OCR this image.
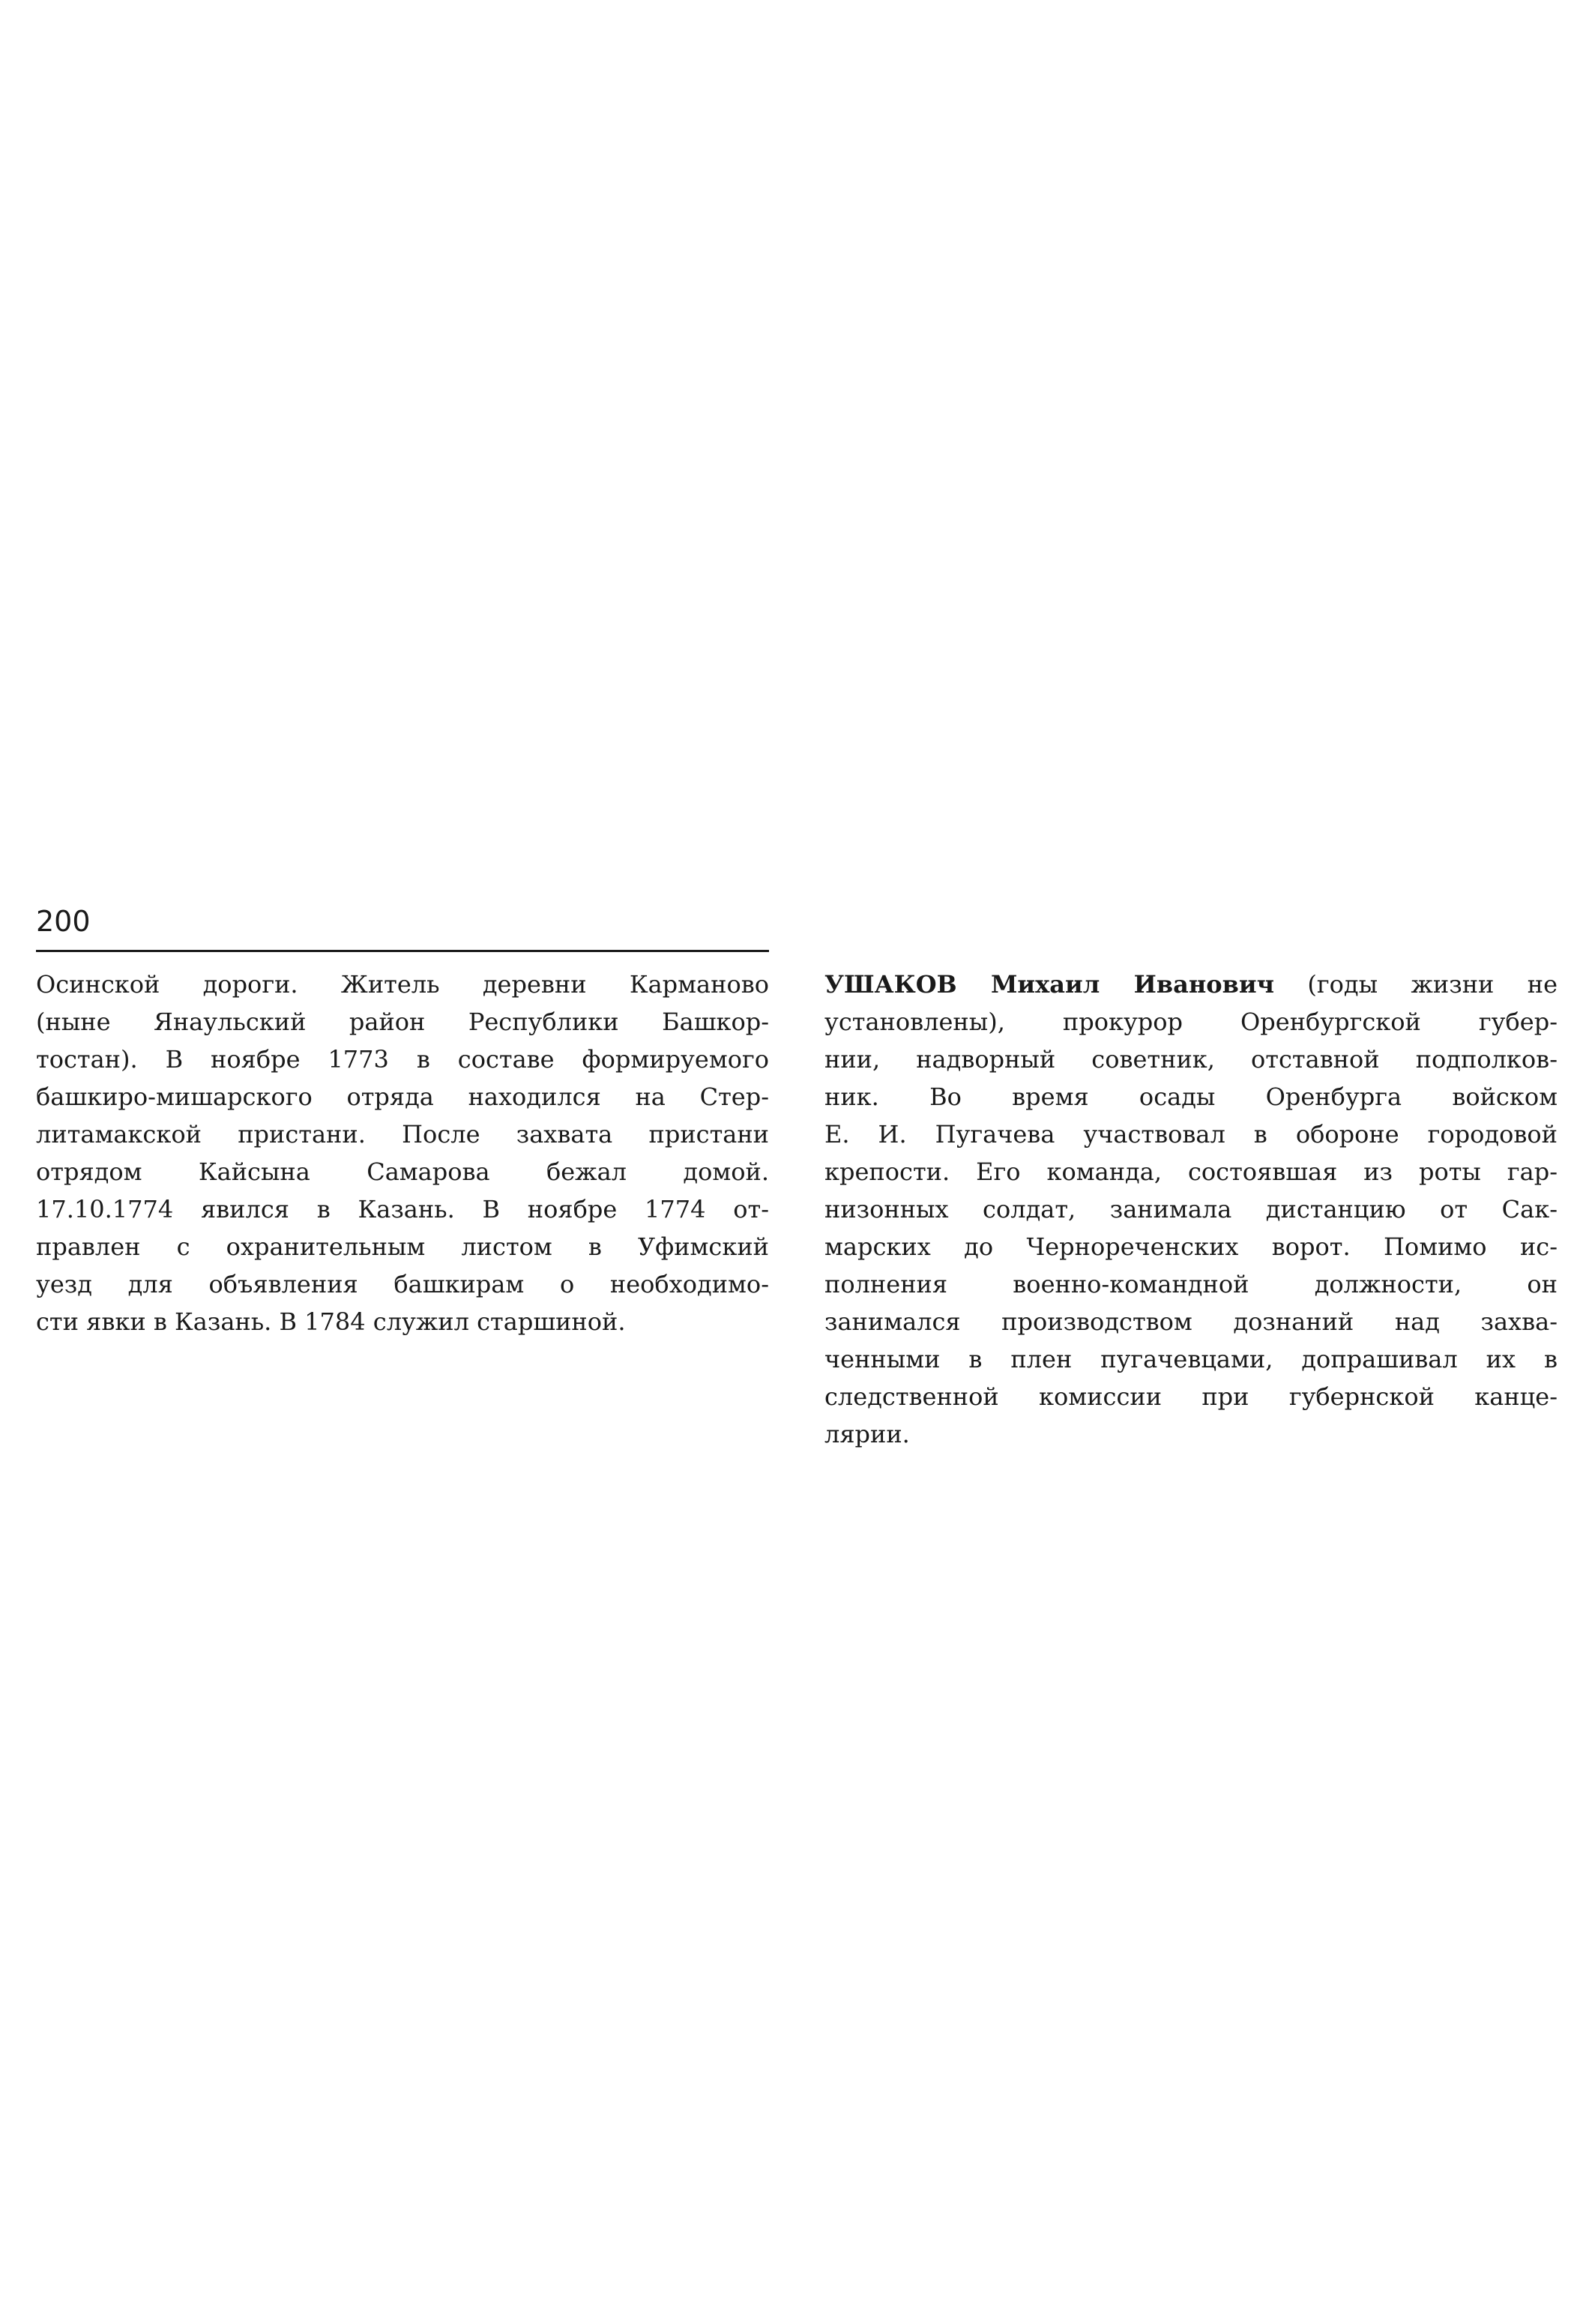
200
Осинской дороги. Житель деревни Карманово
(ныне Янаульский район Республики Башкор-
тостан). В ноябре 1773 в составе формируемого
башкиро-мишарского отряда находился на Стер-
литамакской пристани. После захвата пристани
отрядом Кайсына Самарова бежал домой.
17.10.1774 явился в Казань. В ноябре 1774 от-
правлен с охранительным листом в Уфимский
уезд для объявления башкирам о необходимо-
сти явки в Казань. В 1784 служил старшиной.
УШАКОВ Михаил Иванович (годы жизни не
установлены), прокурор Оренбургской губер-
нии, надворный советник, отставной подполков-
ник. Во время осады Оренбурга войском
Е. И. Пугачева участвовал в обороне городовой
крепости. Его команда, состоявшая из роты гар-
низонных солдат, занимала дистанцию от Сак-
марских до Чернореченских ворот. Помимо ис-
полнения военно-командной должности, он
занимался производством дознаний над захва-
ченными в плен пугачевцами, допрашивал их в
следственной комиссии при губернской канце-
лярии.
